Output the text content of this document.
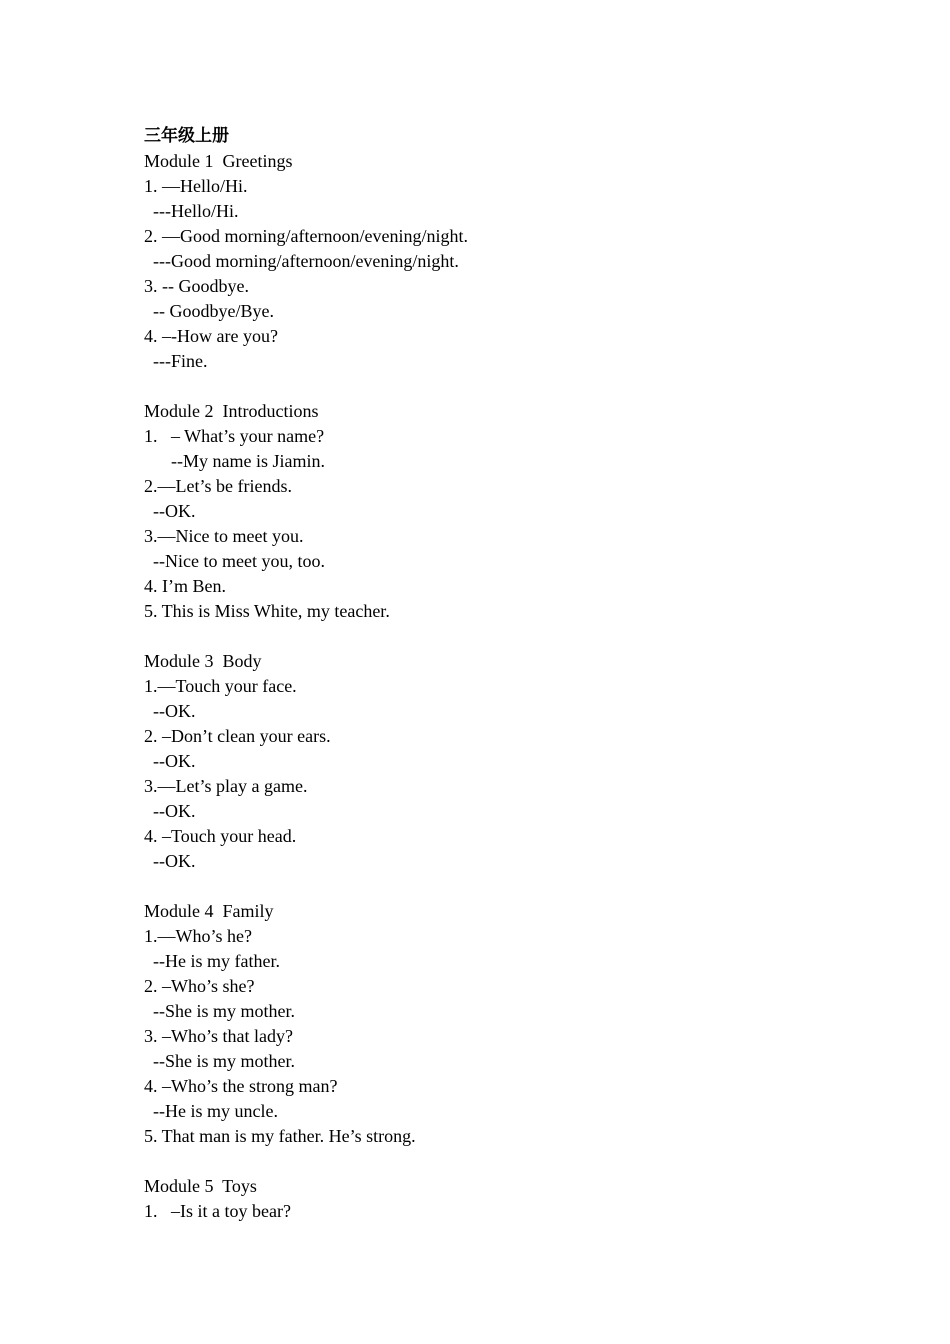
三年级上册
Module 1  Greetings
1. —Hello/Hi.
---Hello/Hi.
2. —Good morning/afternoon/evening/night.
---Good morning/afternoon/evening/night.
3. -- Goodbye.
-- Goodbye/Bye.
4. –-How are you?
---Fine.
Module 2  Introductions
1.   – What’s your name?
--My name is Jiamin.
2.—Let’s be friends.
--OK.
3.—Nice to meet you.
--Nice to meet you, too.
4. I’m Ben.
5. This is Miss White, my teacher.
Module 3  Body
1.—Touch your face.
--OK.
2. –Don’t clean your ears.
--OK.
3.—Let’s play a game.
--OK.
4. –Touch your head.
--OK.
Module 4  Family
1.—Who’s he?
--He is my father.
2. –Who’s she?
--She is my mother.
3. –Who’s that lady?
--She is my mother.
4. –Who’s the strong man?
--He is my uncle.
5. That man is my father. He’s strong.
Module 5  Toys
1.   –Is it a toy bear?
